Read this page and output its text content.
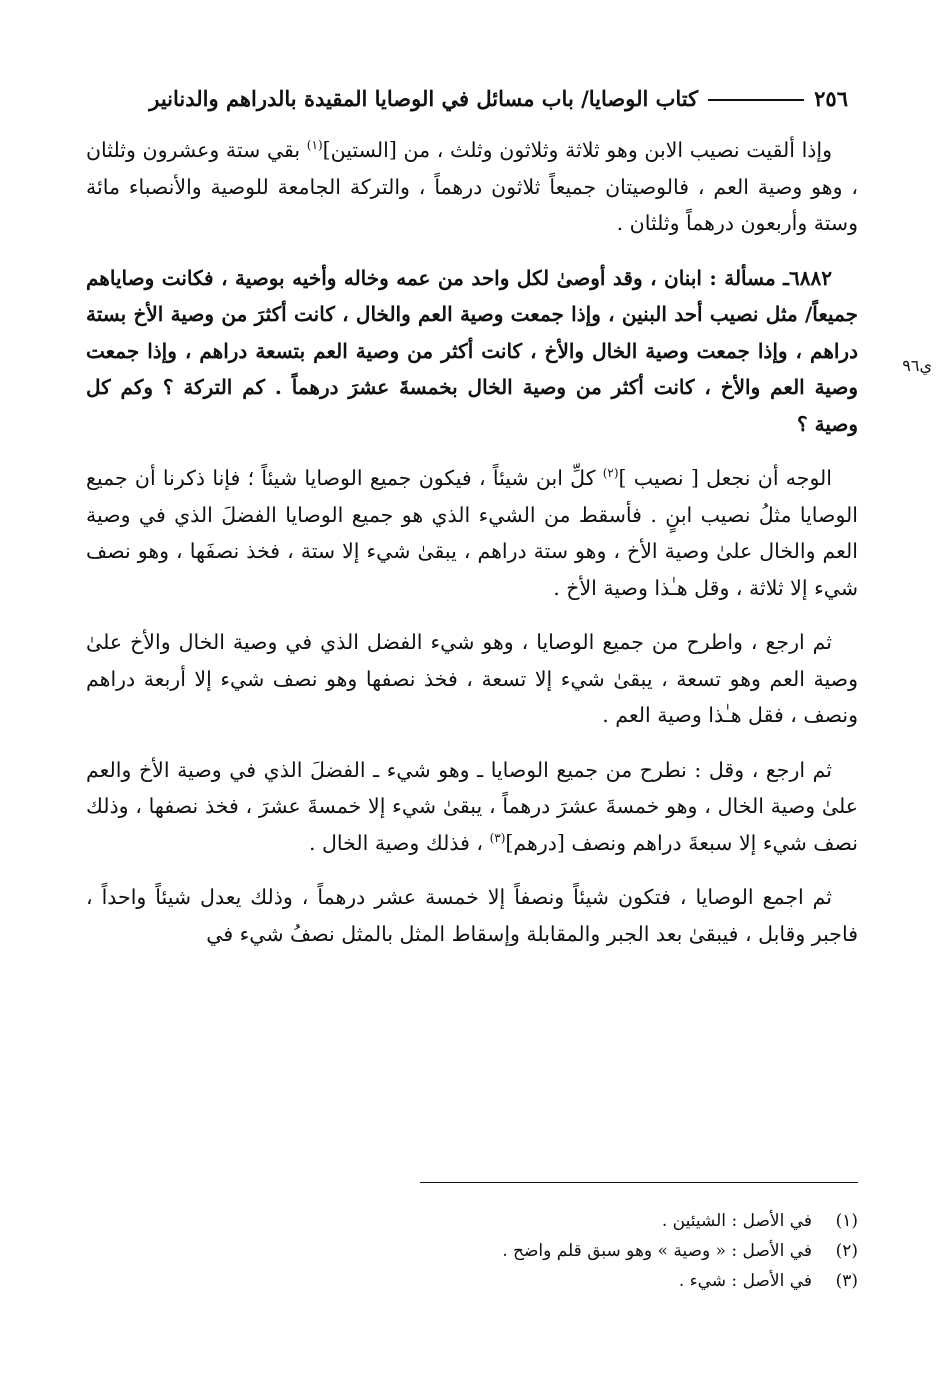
٢٥٦
كتاب الوصايا/ باب مسائل في الوصايا المقيدة بالدراهم والدنانير
ي٩٦

وإذا ألقيت نصيب الابن وهو ثلاثة وثلاثون وثلث ، من [الستين]$^{(١)}$ بقي ستة وعشرون وثلثان ، وهو وصية العم ، فالوصيتان جميعاً ثلاثون درهماً ، والتركة الجامعة للوصية والأنصباء مائة وستة وأربعون درهماً وثلثان .

٦٨٨٢ـ مسألة : ابنان ، وقد أوصىٰ لكل واحد من عمه وخاله وأخيه بوصية ، فكانت وصاياهم جميعاً/ مثل نصيب أحد البنين ، وإذا جمعت وصية العم والخال ، كانت أكثرَ من وصية الأخ بستة دراهم ، وإذا جمعت وصية الخال والأخ ، كانت أكثر من وصية العم بتسعة دراهم ، وإذا جمعت وصية العم والأخ ، كانت أكثر من وصية الخال بخمسةَ عشرَ درهماً . كم التركة ؟ وكم كل وصية ؟

الوجه أن نجعل [ نصيب ]$^{(٢)}$ كلِّ ابن شيئاً ، فيكون جميع الوصايا شيئاً ؛ فإنا ذكرنا أن جميع الوصايا مثلُ نصيب ابنٍ . فأسقط من الشيء الذي هو جميع الوصايا الفضلَ الذي في وصية العم والخال علىٰ وصية الأخ ، وهو ستة دراهم ، يبقىٰ شيء إلا ستة ، فخذ نصفَها ، وهو نصف شيء إلا ثلاثة ، وقل هـٰذا وصية الأخ .

ثم ارجع ، واطرح من جميع الوصايا ، وهو شيء الفضل الذي في وصية الخال والأخ علىٰ وصية العم وهو تسعة ، يبقىٰ شيء إلا تسعة ، فخذ نصفها وهو نصف شيء إلا أربعة دراهم ونصف ، فقل هـٰذا وصية العم .

ثم ارجع ، وقل : نطرح من جميع الوصايا ـ وهو شيء ـ الفضلَ الذي في وصية الأخ والعم علىٰ وصية الخال ، وهو خمسةَ عشرَ درهماً ، يبقىٰ شيء إلا خمسةَ عشرَ ، فخذ نصفها ، وذلك نصف شيء إلا سبعةَ دراهم ونصف [درهم]$^{(٣)}$ ، فذلك وصية الخال .

ثم اجمع الوصايا ، فتكون شيئاً ونصفاً إلا خمسة عشر درهماً ، وذلك يعدل شيئاً واحداً ، فاجبر وقابل ، فيبقىٰ بعد الجبر والمقابلة وإسقاط المثل بالمثل نصفُ شيء في

(١)
في الأصل : الشيئين .
(٢)
في الأصل : « وصية » وهو سبق قلم واضح .
(٣)
في الأصل : شيء .
